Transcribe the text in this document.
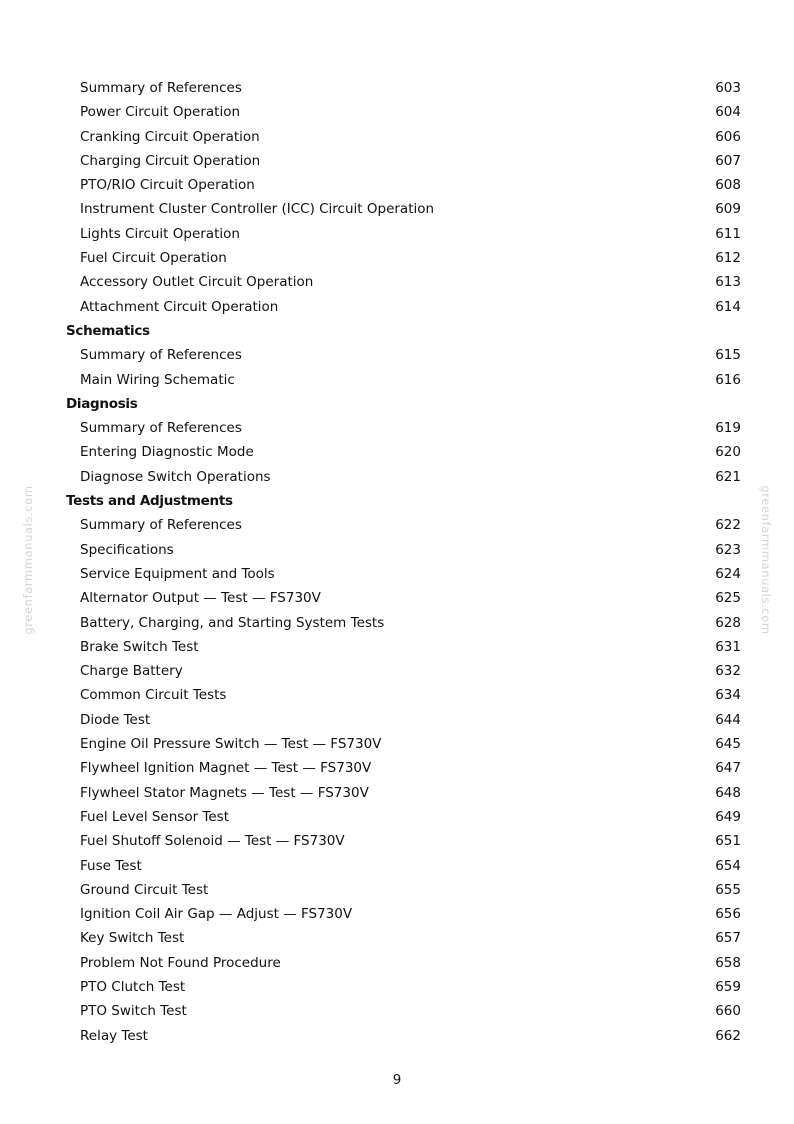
Summary of References	603
Power Circuit Operation	604
Cranking Circuit Operation	606
Charging Circuit Operation	607
PTO/RIO Circuit Operation	608
Instrument Cluster Controller (ICC) Circuit Operation	609
Lights Circuit Operation	611
Fuel Circuit Operation	612
Accessory Outlet Circuit Operation	613
Attachment Circuit Operation	614
Schematics
Summary of References	615
Main Wiring Schematic	616
Diagnosis
Summary of References	619
Entering Diagnostic Mode	620
Diagnose Switch Operations	621
Tests and Adjustments
Summary of References	622
Specifications	623
Service Equipment and Tools	624
Alternator Output — Test — FS730V	625
Battery, Charging, and Starting System Tests	628
Brake Switch Test	631
Charge Battery	632
Common Circuit Tests	634
Diode Test	644
Engine Oil Pressure Switch — Test — FS730V	645
Flywheel Ignition Magnet — Test — FS730V	647
Flywheel Stator Magnets — Test — FS730V	648
Fuel Level Sensor Test	649
Fuel Shutoff Solenoid — Test — FS730V	651
Fuse Test	654
Ground Circuit Test	655
Ignition Coil Air Gap — Adjust — FS730V	656
Key Switch Test	657
Problem Not Found Procedure	658
PTO Clutch Test	659
PTO Switch Test	660
Relay Test	662
9
greenfarmmanuals.com	greenfarmmanuals.com
